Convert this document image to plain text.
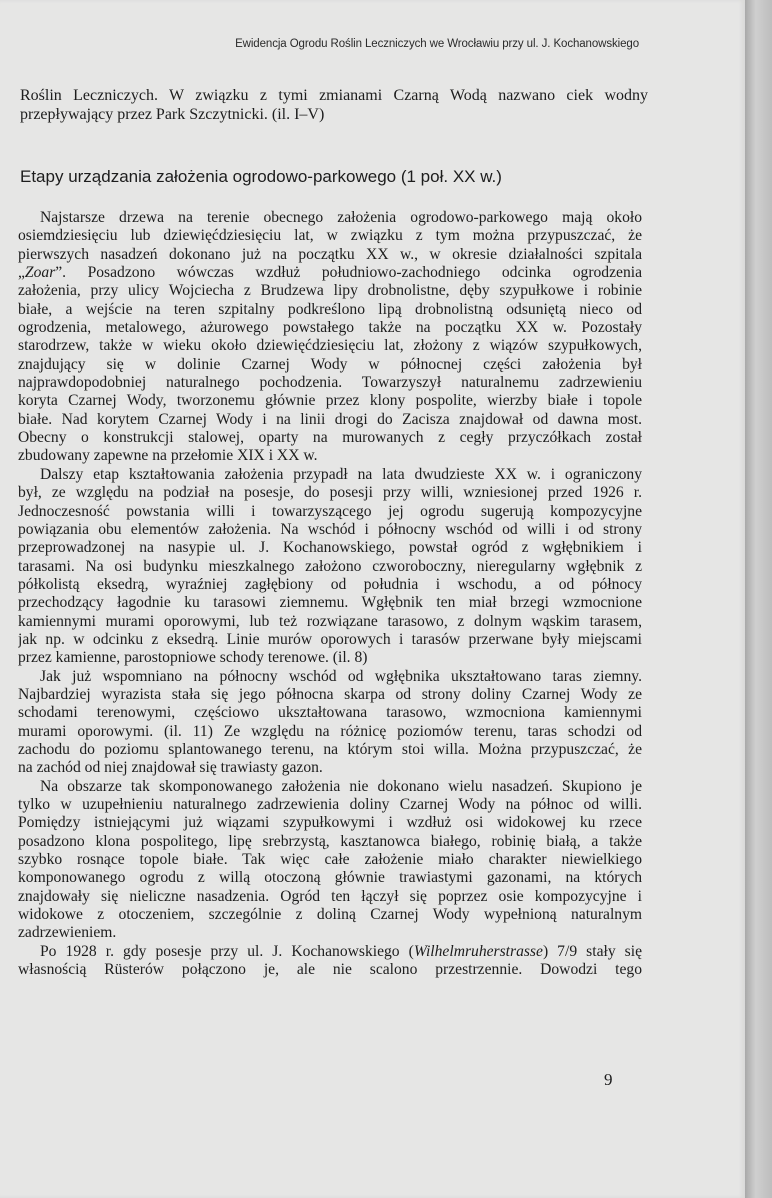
Ewidencja Ogrodu Roślin Leczniczych we Wrocławiu przy ul. J. Kochanowskiego
Roślin Leczniczych. W związku z tymi zmianami Czarną Wodą nazwano ciek wodny
przepływający przez Park Szczytnicki. (il. I–V)
Etapy urządzania założenia ogrodowo-parkowego (1 poł. XX w.)
Najstarsze drzewa na terenie obecnego założenia ogrodowo-parkowego mają około
osiemdziesięciu lub dziewięćdziesięciu lat, w związku z tym można przypuszczać, że
pierwszych nasadzeń dokonano już na początku XX w., w okresie działalności szpitala
„Zoar”. Posadzono wówczas wzdłuż południowo-zachodniego odcinka ogrodzenia
założenia, przy ulicy Wojciecha z Brudzewa lipy drobnolistne, dęby szypułkowe i robinie
białe, a wejście na teren szpitalny podkreślono lipą drobnolistną odsuniętą nieco od
ogrodzenia, metalowego, ażurowego powstałego także na początku XX w. Pozostały
starodrzew, także w wieku około dziewięćdziesięciu lat, złożony z wiązów szypułkowych,
znajdujący się w dolinie Czarnej Wody w północnej części założenia był
najprawdopodobniej naturalnego pochodzenia. Towarzyszył naturalnemu zadrzewieniu
koryta Czarnej Wody, tworzonemu głównie przez klony pospolite, wierzby białe i topole
białe. Nad korytem Czarnej Wody i na linii drogi do Zacisza znajdował od dawna most.
Obecny o konstrukcji stalowej, oparty na murowanych z cegły przyczółkach został
zbudowany zapewne na przełomie XIX i XX w.
Dalszy etap kształtowania założenia przypadł na lata dwudzieste XX w. i ograniczony
był, ze względu na podział na posesje, do posesji przy willi, wzniesionej przed 1926 r.
Jednoczesność powstania willi i towarzyszącego jej ogrodu sugerują kompozycyjne
powiązania obu elementów założenia. Na wschód i północny wschód od willi i od strony
przeprowadzonej na nasypie ul. J. Kochanowskiego, powstał ogród z wgłębnikiem i
tarasami. Na osi budynku mieszkalnego założono czworoboczny, nieregularny wgłębnik z
półkolistą eksedrą, wyraźniej zagłębiony od południa i wschodu, a od północy
przechodzący łagodnie ku tarasowi ziemnemu. Wgłębnik ten miał brzegi wzmocnione
kamiennymi murami oporowymi, lub też rozwiązane tarasowo, z dolnym wąskim tarasem,
jak np. w odcinku z eksedrą. Linie murów oporowych i tarasów przerwane były miejscami
przez kamienne, parostopniowe schody terenowe. (il. 8)
Jak już wspomniano na północny wschód od wgłębnika ukształtowano taras ziemny.
Najbardziej wyrazista stała się jego północna skarpa od strony doliny Czarnej Wody ze
schodami terenowymi, częściowo ukształtowana tarasowo, wzmocniona kamiennymi
murami oporowymi. (il. 11) Ze względu na różnicę poziomów terenu, taras schodzi od
zachodu do poziomu splantowanego terenu, na którym stoi willa. Można przypuszczać, że
na zachód od niej znajdował się trawiasty gazon.
Na obszarze tak skomponowanego założenia nie dokonano wielu nasadzeń. Skupiono je
tylko w uzupełnieniu naturalnego zadrzewienia doliny Czarnej Wody na północ od willi.
Pomiędzy istniejącymi już wiązami szypułkowymi i wzdłuż osi widokowej ku rzece
posadzono klona pospolitego, lipę srebrzystą, kasztanowca białego, robinię białą, a także
szybko rosnące topole białe. Tak więc całe założenie miało charakter niewielkiego
komponowanego ogrodu z willą otoczoną głównie trawiastymi gazonami, na których
znajdowały się nieliczne nasadzenia. Ogród ten łączył się poprzez osie kompozycyjne i
widokowe z otoczeniem, szczególnie z doliną Czarnej Wody wypełnioną naturalnym
zadrzewieniem.
Po 1928 r. gdy posesje przy ul. J. Kochanowskiego (Wilhelmruherstrasse) 7/9 stały się
własnością Rüsterów połączono je, ale nie scalono przestrzennie. Dowodzi tego
9
